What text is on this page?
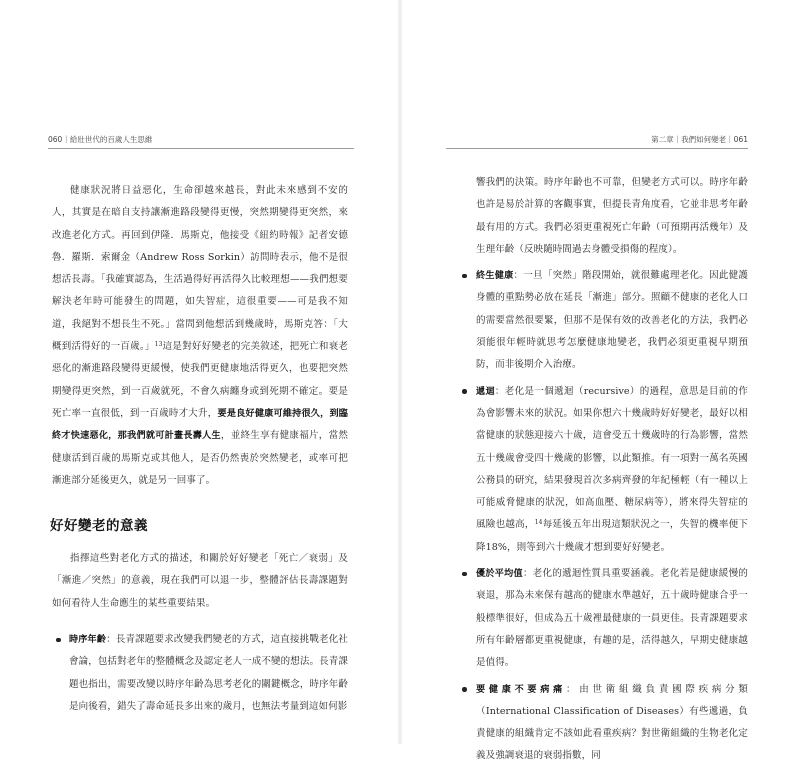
060｜給壯世代的百歲人生思維

健康狀況將日益惡化，生命卻越來越長，對此未來感到不安的人，其實是在暗自支持讓漸進路段變得更慢，突然期變得更突然，來改進老化方式。再回到伊隆．馬斯克，他接受《紐約時報》記者安德魯．羅斯．索爾金（Andrew Ross Sorkin）訪問時表示，他不是很想活長壽。「我確實認為，生活過得好再活得久比較理想——我們想要解決老年時可能發生的問題，如失智症，這很重要——可是我不知道，我絕對不想長生不死。」當問到他想活到幾歲時，馬斯克答：「大概到活得好的一百歲。」$^{13}$這是對好好變老的完美敘述，把死亡和衰老惡化的漸進路段變得更緩慢，使我們更健康地活得更久，也要把突然期變得更突然，到一百歲就死，不會久病纏身或到死期不確定。要是死亡率一直很低，到一百歲時才大升，要是良好健康可維持很久，到臨終才快速惡化，那我們就可計畫長壽人生，並終生享有健康福片，當然健康活到百歲的馬斯克或其他人，是否仍然喪於突然變老，或率可把漸進部分延後更久，就是另一回事了。

好好變老的意義

指擇這些對老化方式的描述，和關於好好變老「死亡／衰弱」及「漸進／突然」的意義，現在我們可以退一步，整體評估長壽課題對如何看待人生命應生的某些重要結果。

時序年齡：長青課題要求改變我們變老的方式，這直接挑戰老化社會論，包括對老年的整體概念及認定老人一成不變的想法。長青課題也指出，需要改變以時序年齡為思考老化的關鍵概念，時序年齡是向後看，錯失了壽命延長多出來的歲月，也無法考量到這如何影
第二章｜我們如何變老｜061

響我們的決策。時序年齡也不可靠，但變老方式可以。時序年齡也許是易於計算的客觀事實，但提長青角度看，它並非思考年齡最有用的方式。我們必須更重視死亡年齡（可預期再活幾年）及生理年齡（反映隨時間過去身體受損傷的程度）。

終生健康：一旦「突然」階段開始，就很難處理老化。因此健護身體的重點勢必放在延長「漸進」部分。照顧不健康的老化人口的需要當然很要緊，但那不是保有效的改善老化的方法，我們必須能很年輕時就思考怎麼健康地變老，我們必須更重視早期預防，而非後期介入治療。
遞迴：老化是一個遞迴（recursive）的過程，意思是目前的作為會影響未來的狀況。如果你想六十幾歲時好好變老，最好以相當健康的狀態迎接六十歲，這會受五十幾歲時的行為影響，當然五十幾歲會受四十幾歲的影響，以此類推。有一項對一萬名英國公務員的研究，結果發現首次多病齊發的年紀極輕（有一種以上可能威脅健康的狀況，如高血壓、糖尿病等），將來得失智症的風險也越高，$^{14}$每延後五年出現這類狀況之一，失智的機率便下降18%，則等到六十幾歲才想到要好好變老。
優於平均值：老化的遞迴性質具重要涵義。老化若是健康緩慢的衰退，那為未來保有越高的健康水準越好，五十歲時健康合乎一般標準很好，但成為五十歲裡最健康的一員更佳。長青課題要求所有年齡層都更重視健康，有趣的是，活得越久，早期史健康越是值得。
要健康不要病痛：由世衛組織負責國際疾病分類（International Classification of Diseases）有些遞過，負責健康的組織肯定不該如此看重疾病？對世衛組織的生物老化定義及強調衰退的衰弱指數，同
